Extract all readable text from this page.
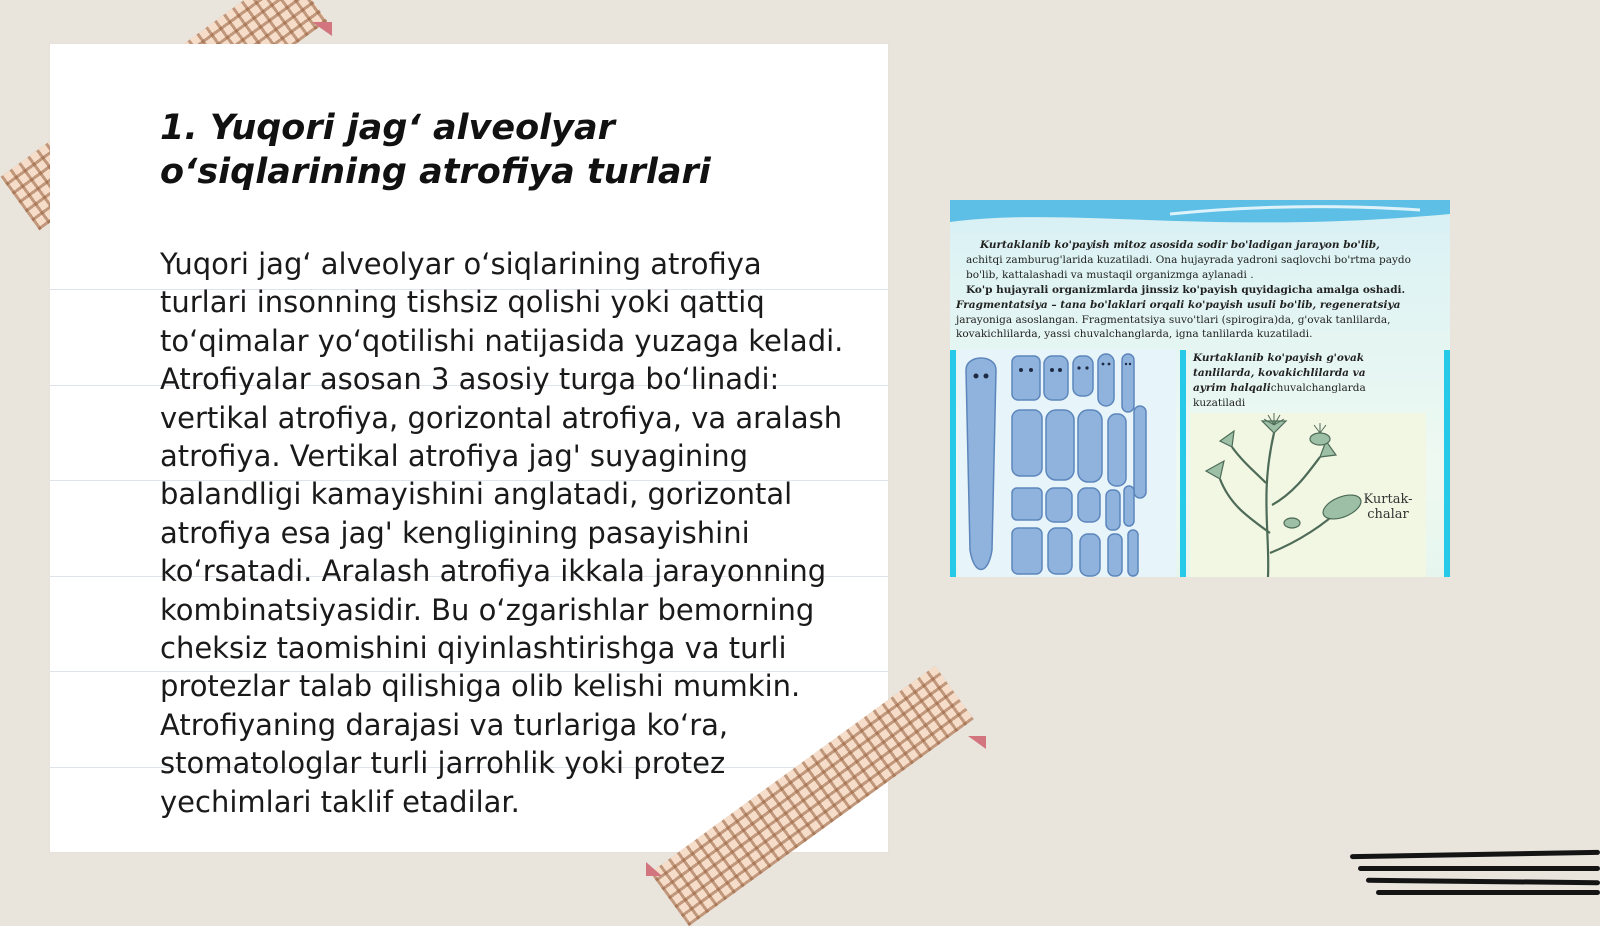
1. Yuqori jag‘ alveolyar o‘siqlarining atrofiya turlari

Yuqori jag‘ alveolyar o‘siqlarining atrofiya turlari insonning tishsiz qolishi yoki qattiq to‘qimalar yo‘qotilishi natijasida yuzaga keladi. Atrofiyalar asosan 3 asosiy turga bo‘linadi: vertikal atrofiya, gorizontal atrofiya, va aralash atrofiya. Vertikal atrofiya jag' suyagining balandligi kamayishini anglatadi, gorizontal atrofiya esa jag' kengligining pasayishini ko‘rsatadi. Aralash atrofiya ikkala jarayonning kombinatsiyasidir. Bu o‘zgarishlar bemorning cheksiz taomishini qiyinlashtirishga va turli protezlar talab qilishiga olib kelishi mumkin. Atrofiyaning darajasi va turlariga ko‘ra, stomatologlar turli jarrohlik yoki protez yechimlari taklif etadilar.

Kurtaklanib ko'payish mitoz asosida sodir bo'ladigan jarayon bo'lib,

achitqi zamburug'larida kuzatiladi. Ona hujayrada yadroni saqlovchi bo'rtma paydo bo'lib, kattalashadi va mustaqil organizmga aylanadi .

Ko'p hujayrali organizmlarda jinssiz ko'payish quyidagicha amalga oshadi.

Fragmentatsiya – tana bo'laklari orqali ko'payish usuli bo'lib, regeneratsiya

jarayoniga asoslangan. Fragmentatsiya suvo'tlari (spirogira)da, g'ovak tanlilarda, kovakichlilarda, yassi chuvalchanglarda, igna tanlilarda kuzatiladi.

Kurtaklanib ko'payish g'ovak tanlilarda, kovakichlilarda va ayrim halqalichuvalchanglarda kuzatiladi
Kurtak-
chalar
